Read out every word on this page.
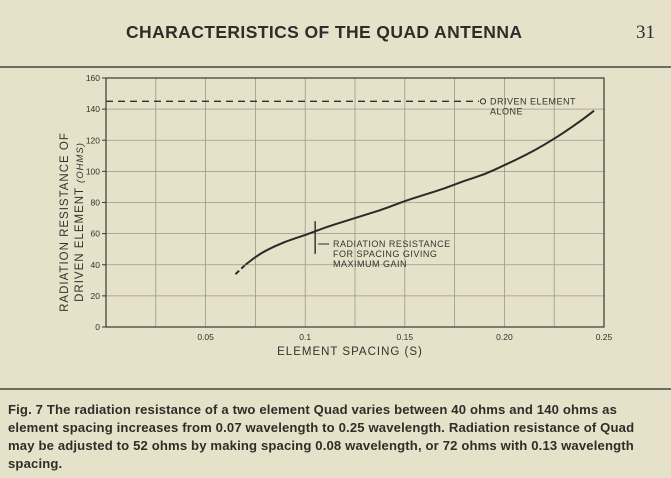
CHARACTERISTICS OF THE QUAD ANTENNA	31
0.05	0.1	0.15	0.20	0.25
0
20
40
60
80
100
120
140
160
DRIVEN ELEMENT
ALONE
RADIATION RESISTANCE
FOR SPACING GIVING
MAXIMUM GAIN
ELEMENT SPACING (S)
RADIATION RESISTANCE OF DRIVEN ELEMENT (OHMS)
Fig. 7 The radiation resistance of a two element Quad varies between 40 ohms and 140 ohms as element spacing increases from 0.07 wavelength to 0.25 wavelength. Radiation resistance of Quad may be adjusted to 52 ohms by making spacing 0.08 wavelength, or 72 ohms with 0.13 wavelength spacing.
